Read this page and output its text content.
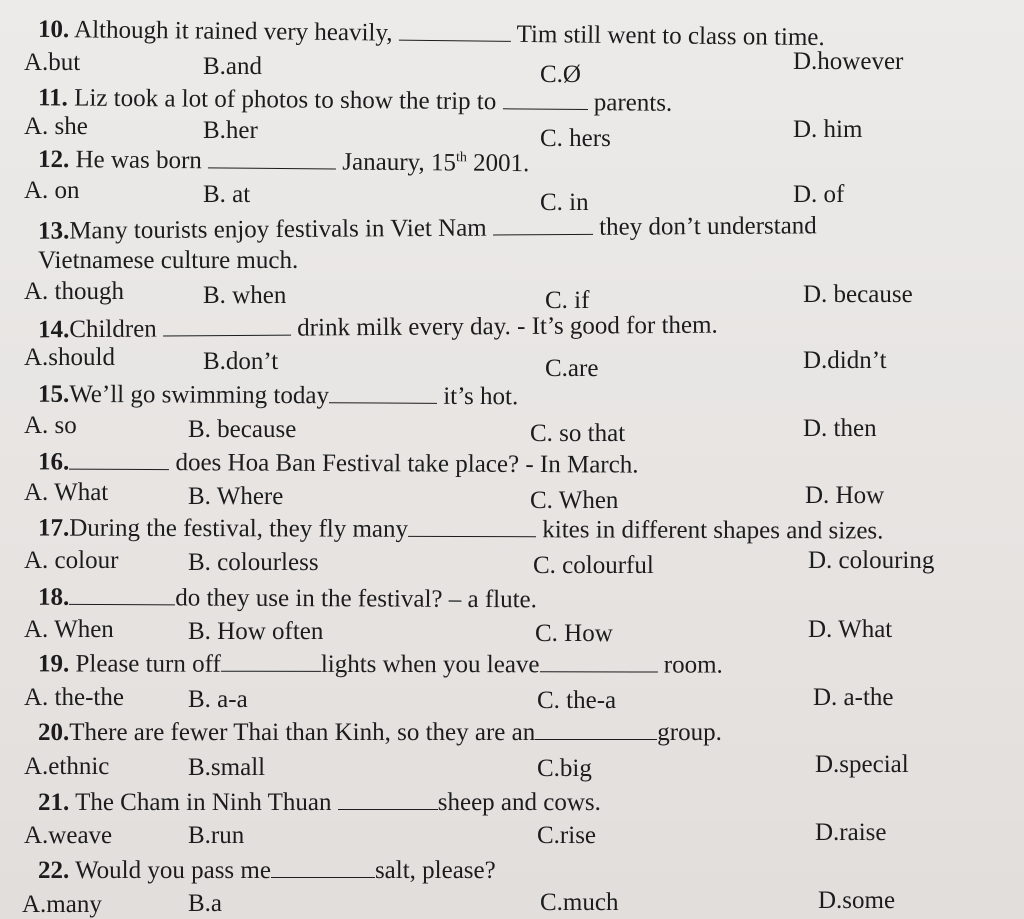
10. Although it rained very heavily,	Tim still went to class on time.
A.but	B.and	C.Ø	D.however
11. Liz took a lot of photos to show the trip to	parents.
A. she	B.her	C. hers	D. him
12. He was born	Janaury, 15th 2001.
A. on	B. at	C. in	D. of
13.Many tourists enjoy festivals in Viet Nam	they don’t understand
Vietnamese culture much.
A. though	B. when	C. if	D. because
14.Children	drink milk every day. - It’s good for them.
A.should	B.don’t	C.are	D.didn’t
15.We’ll go swimming today	it’s hot.
A. so	B. because	C. so that	D. then
16.	does Hoa Ban Festival take place? - In March.
A. What	B. Where	C. When	D. How
17.During the festival, they fly many	kites in different shapes and sizes.
A. colour	B. colourless	C. colourful	D. colouring
18.	do they use in the festival? – a flute.
A. When	B. How often	C. How	D. What
19. Please turn off	lights when you leave	room.
A. the-the	B. a-a	C. the-a	D. a-the
20.There are fewer Thai than Kinh, so they are an	group.
A.ethnic	B.small	C.big	D.special
21. The Cham in Ninh Thuan	sheep and cows.
A.weave	B.run	C.rise	D.raise
22. Would you pass me	salt, please?
A.many	B.a	C.much	D.some
